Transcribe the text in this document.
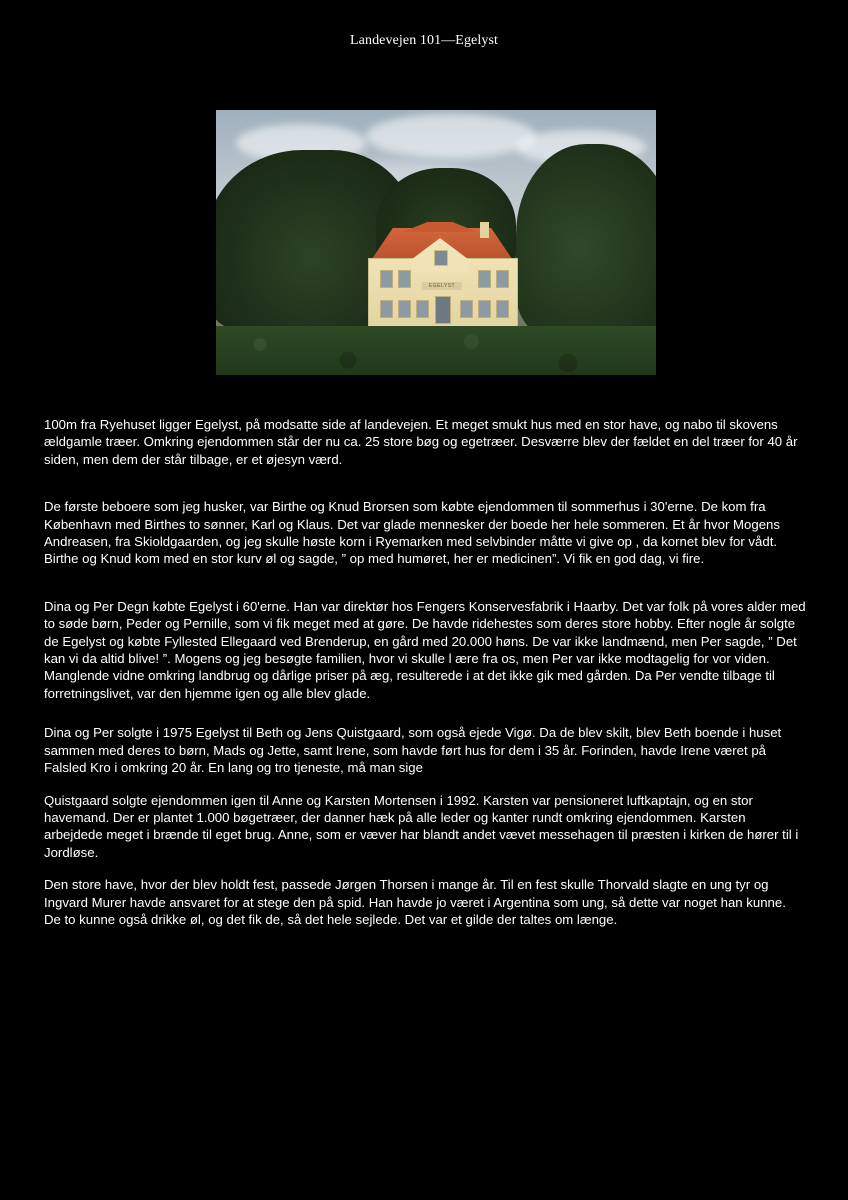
Landevejen 101—Egelyst
EGELYST

100m fra Ryehuset ligger Egelyst, på modsatte side af landevejen. Et meget smukt hus med en stor have, og nabo til skovens ældgamle træer. Omkring ejendommen står der nu ca. 25 store bøg og egetræer. Desværre blev der fældet en del træer for 40 år siden, men dem der står tilbage, er et øjesyn værd.

De første beboere som jeg husker, var Birthe og Knud Brorsen som købte ejendommen til sommerhus i 30'erne. De kom fra København med Birthes to sønner, Karl og Klaus. Det var glade mennesker der boede her hele sommeren. Et år hvor Mogens Andreasen, fra Skioldgaarden, og jeg skulle høste korn i Ryemarken med selvbinder måtte vi give op , da kornet blev for vådt. Birthe og Knud kom med en stor kurv øl og sagde, ” op med humøret, her er medicinen”. Vi fik en god dag, vi fire.

Dina og Per Degn købte Egelyst i 60'erne. Han var direktør hos Fengers Konservesfabrik i Haarby. Det var folk på vores alder med to søde børn, Peder og Pernille, som vi fik meget med at gøre. De havde ridehestes som deres store hobby. Efter nogle år solgte de Egelyst og købte Fyllested Ellegaard ved Brenderup, en gård med 20.000 høns. De var ikke landmænd, men Per sagde, ” Det kan vi da altid blive! ”. Mogens og jeg besøgte familien, hvor vi skulle l ære fra os, men Per var ikke modtagelig for vor viden. Manglende vidne omkring landbrug og dårlige priser på æg, resulterede i at det ikke gik med gården. Da Per vendte tilbage til forretningslivet, var den hjemme igen og alle blev glade.

Dina og Per solgte i 1975 Egelyst til Beth og Jens Quistgaard, som også ejede Vigø. Da de blev skilt, blev Beth boende i huset sammen med deres to børn, Mads og Jette, samt Irene, som havde ført hus for dem i 35 år. Forinden, havde Irene været på Falsled Kro i omkring 20 år. En lang og tro tjeneste, må man sige

Quistgaard solgte ejendommen igen til Anne og Karsten Mortensen i 1992. Karsten var pensioneret luftkaptajn, og en stor havemand. Der er plantet 1.000 bøgetræer, der danner hæk på alle leder og kanter rundt omkring ejendommen. Karsten arbejdede meget i brænde til eget brug. Anne, som er væver har blandt andet vævet messehagen til præsten i kirken de hører til i Jordløse.

Den store have, hvor der blev holdt fest, passede Jørgen Thorsen i mange år. Til en fest skulle Thorvald slagte en ung tyr og Ingvard Murer havde ansvaret for at stege den på spid. Han havde jo været i Argentina som ung, så dette var noget han kunne. De to kunne også drikke øl, og det fik de, så det hele sejlede. Det var et gilde der taltes om længe.
